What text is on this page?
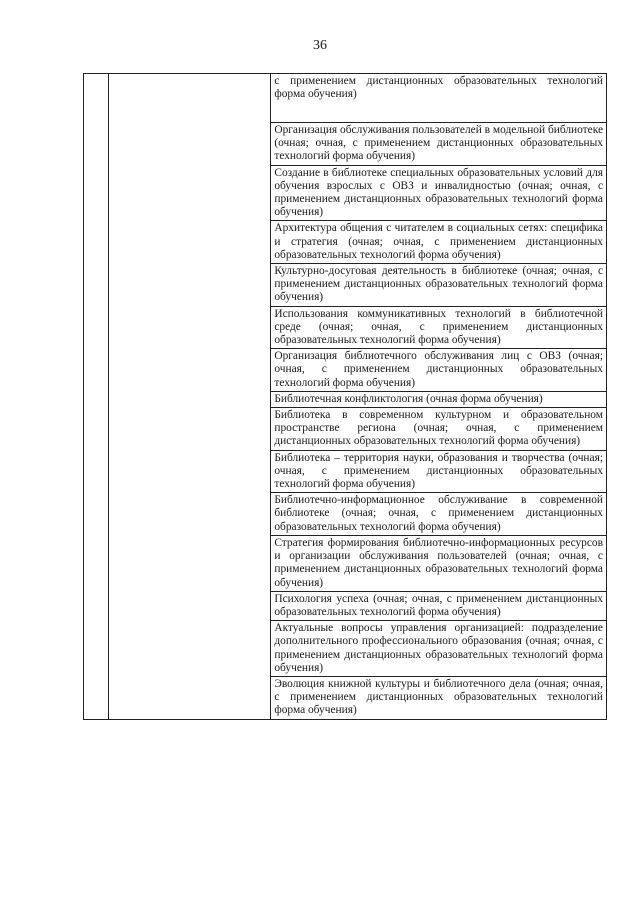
36

с применением дистанционных образовательных технологий форма обучения)

Организация обслуживания пользователей в модельной библиотеке (очная; очная, с применением дистанционных образовательных технологий форма обучения)

Создание в библиотеке специальных образовательных условий для обучения взрослых с ОВЗ и инвалидностью (очная; очная, с применением дистанционных образовательных технологий форма обучения)

Архитектура общения с читателем в социальных сетях: специфика и стратегия (очная; очная, с применением дистанционных образовательных технологий форма обучения)

Культурно-досуговая деятельность в библиотеке (очная; очная, с применением дистанционных образовательных технологий форма обучения)

Использования коммуникативных технологий в библиотечной среде (очная; очная, с применением дистанционных образовательных технологий форма обучения)

Организация библиотечного обслуживания лиц с ОВЗ (очная; очная, с применением дистанционных образовательных технологий форма обучения)

Библиотечная конфликтология (очная форма обучения)

Библиотека в современном культурном и образовательном пространстве региона (очная; очная, с применением дистанционных образовательных технологий форма обучения)

Библиотека – территория науки, образования и творчества (очная; очная, с применением дистанционных образовательных технологий форма обучения)

Библиотечно-информационное обслуживание в современной библиотеке (очная; очная, с применением дистанционных образовательных технологий форма обучения)

Стратегия формирования библиотечно-информационных ресурсов и организации обслуживания пользователей (очная; очная, с применением дистанционных образовательных технологий форма обучения)

Психология успеха (очная; очная, с применением дистанционных образовательных технологий форма обучения)

Актуальные вопросы управления организацией: подразделение дополнительного профессионального образования (очная; очная, с применением дистанционных образовательных технологий форма обучения)

Эволюция книжной культуры и библиотечного дела (очная; очная, с применением дистанционных образовательных технологий форма обучения)
